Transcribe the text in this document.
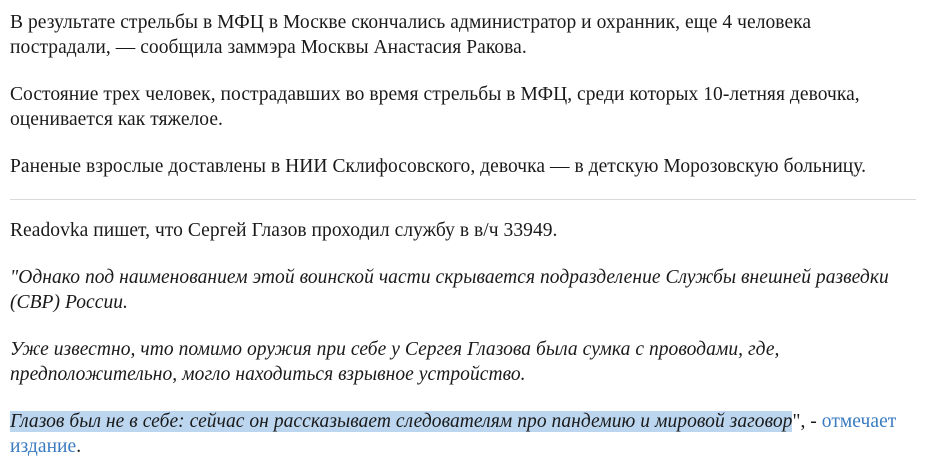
В результате стрельбы в МФЦ в Москве скончались администратор и охранник, еще 4 человека пострадали, — сообщила заммэра Москвы Анастасия Ракова.

Состояние трех человек, пострадавших во время стрельбы в МФЦ, среди которых 10-летняя девочка, оценивается как тяжелое.

Раненые взрослые доставлены в НИИ Склифосовского, девочка — в детскую Морозовскую больницу.

Readovka пишет, что Сергей Глазов проходил службу в в/ч 33949.

"Однако под наименованием этой воинской части скрывается подразделение Службы внешней разведки (СВР) России.

Уже известно, что помимо оружия при себе у Сергея Глазова была сумка с проводами, где, предположительно, могло находиться взрывное устройство.

Глазов был не в себе: сейчас он рассказывает следователям про пандемию и мировой заговор", - отмечает
издание.
